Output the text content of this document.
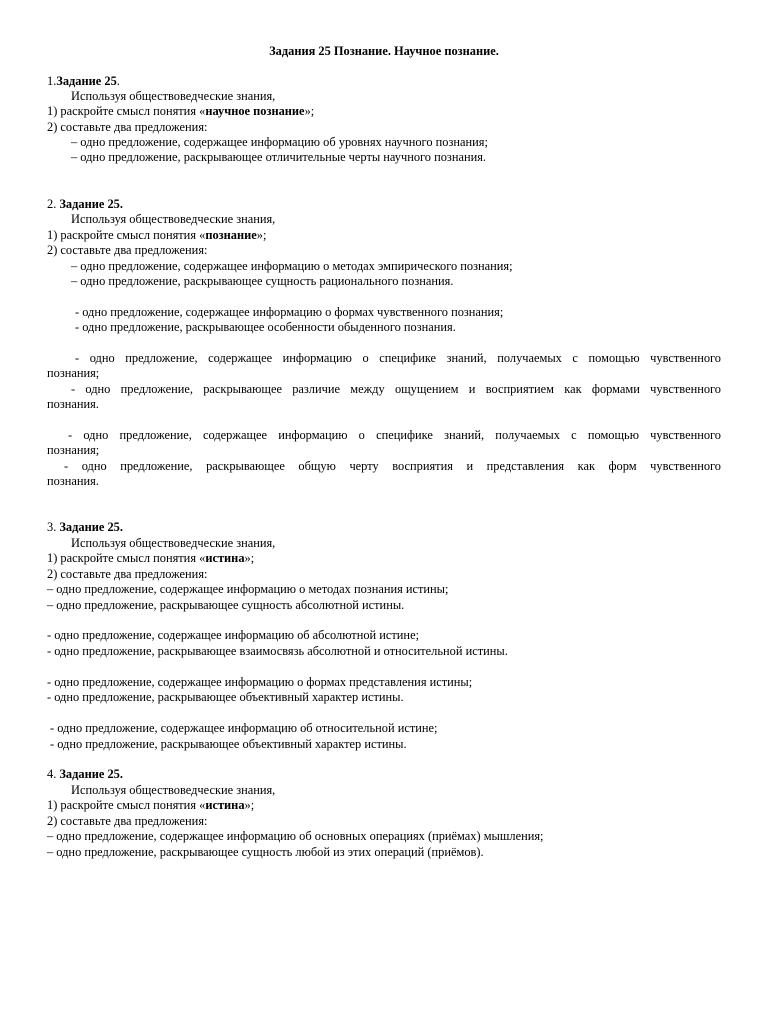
Задания 25 Познание. Научное познание.
1.Задание 25.
Используя обществоведческие знания,
1) раскройте смысл понятия «научное познание»;
2) составьте два предложения:
– одно предложение, содержащее информацию об уровнях научного познания;
– одно предложение, раскрывающее отличительные черты научного познания.
2. Задание 25.
Используя обществоведческие знания,
1) раскройте смысл понятия «познание»;
2) составьте два предложения:
– одно предложение, содержащее информацию о методах эмпирического познания;
– одно предложение, раскрывающее сущность рационального познания.
- одно предложение, содержащее информацию о формах чувственного познания;
- одно предложение, раскрывающее особенности обыденного познания.
- одно предложение, содержащее информацию о специфике знаний, получаемых с помощью чувственного
познания;
- одно предложение, раскрывающее различие между ощущением и восприятием как формами чувственного
познания.
- одно предложение, содержащее информацию о специфике знаний, получаемых с помощью чувственного
познания;
- одно предложение, раскрывающее общую черту восприятия и представления как форм чувственного
познания.
3. Задание 25.
Используя обществоведческие знания,
1) раскройте смысл понятия «истина»;
2) составьте два предложения:
– одно предложение, содержащее информацию о методах познания истины;
– одно предложение, раскрывающее сущность абсолютной истины.
- одно предложение, содержащее информацию об абсолютной истине;
- одно предложение, раскрывающее взаимосвязь абсолютной и относительной истины.
- одно предложение, содержащее информацию о формах представления истины;
- одно предложение, раскрывающее объективный характер истины.
- одно предложение, содержащее информацию об относительной истине;
- одно предложение, раскрывающее объективный характер истины.
4. Задание 25.
Используя обществоведческие знания,
1) раскройте смысл понятия «истина»;
2) составьте два предложения:
– одно предложение, содержащее информацию об основных операциях (приёмах) мышления;
– одно предложение, раскрывающее сущность любой из этих операций (приёмов).
